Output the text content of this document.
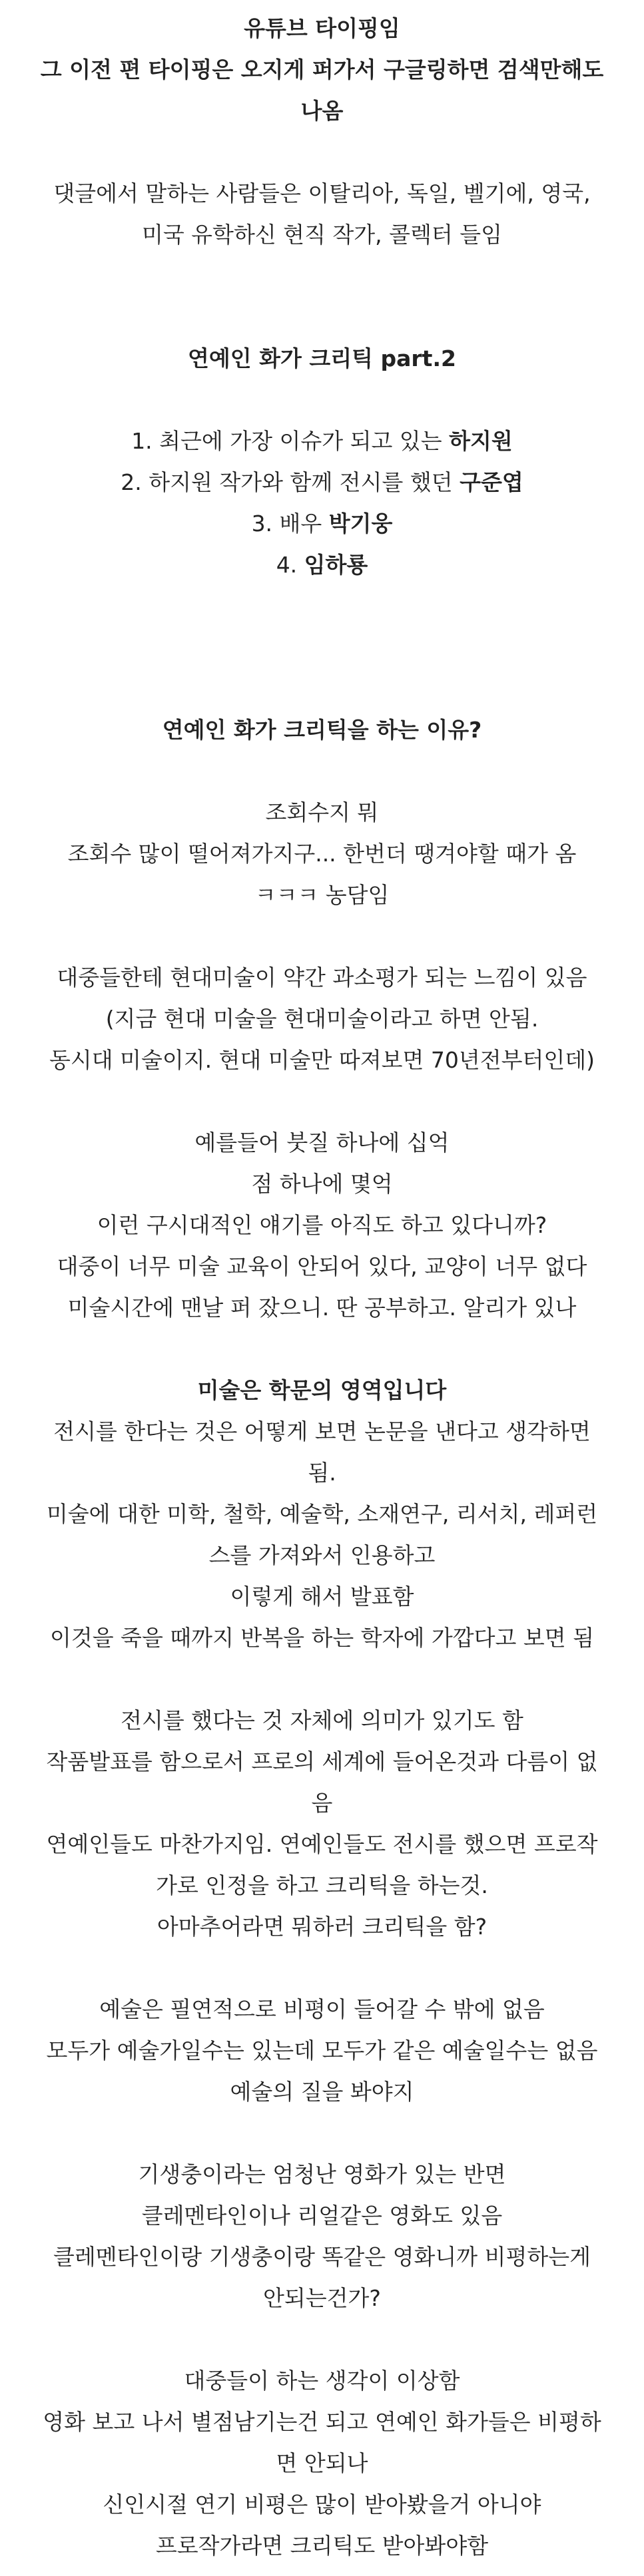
유튜브 타이핑임

그 이전 편 타이핑은 오지게 퍼가서 구글링하면 검색만해도

나옴

댓글에서 말하는 사람들은 이탈리아, 독일, 벨기에, 영국,

미국 유학하신 현직 작가, 콜렉터 들임

연예인 화가 크리틱 part.2

1. 최근에 가장 이슈가 되고 있는 하지원

2. 하지원 작가와 함께 전시를 했던 구준엽

3. 배우 박기웅

4. 임하룡

연예인 화가 크리틱을 하는 이유?

조회수지 뭐

조회수 많이 떨어져가지구... 한번더 땡겨야할 때가 옴

ㅋㅋㅋ 농담임

대중들한테 현대미술이 약간 과소평가 되는 느낌이 있음

(지금 현대 미술을 현대미술이라고 하면 안됨.

동시대 미술이지. 현대 미술만 따져보면 70년전부터인데)

예를들어 붓질 하나에 십억

점 하나에 몇억

이런 구시대적인 얘기를 아직도 하고 있다니까?

대중이 너무 미술 교육이 안되어 있다, 교양이 너무 없다

미술시간에 맨날 퍼 잤으니. 딴 공부하고. 알리가 있나

미술은 학문의 영역입니다

전시를 한다는 것은 어떻게 보면 논문을 낸다고 생각하면

됨.

미술에 대한 미학, 철학, 예술학, 소재연구, 리서치, 레퍼런

스를 가져와서 인용하고

이렇게 해서 발표함

이것을 죽을 때까지 반복을 하는 학자에 가깝다고 보면 됨

전시를 했다는 것 자체에 의미가 있기도 함

작품발표를 함으로서 프로의 세계에 들어온것과 다름이 없

음

연예인들도 마찬가지임. 연예인들도 전시를 했으면 프로작

가로 인정을 하고 크리틱을 하는것.

아마추어라면 뭐하러 크리틱을 함?

예술은 필연적으로 비평이 들어갈 수 밖에 없음

모두가 예술가일수는 있는데 모두가 같은 예술일수는 없음

예술의 질을 봐야지

기생충이라는 엄청난 영화가 있는 반면

클레멘타인이나 리얼같은 영화도 있음

클레멘타인이랑 기생충이랑 똑같은 영화니까 비평하는게

안되는건가?

대중들이 하는 생각이 이상함

영화 보고 나서 별점남기는건 되고 연예인 화가들은 비평하

면 안되나

신인시절 연기 비평은 많이 받아봤을거 아니야

프로작가라면 크리틱도 받아봐야함
